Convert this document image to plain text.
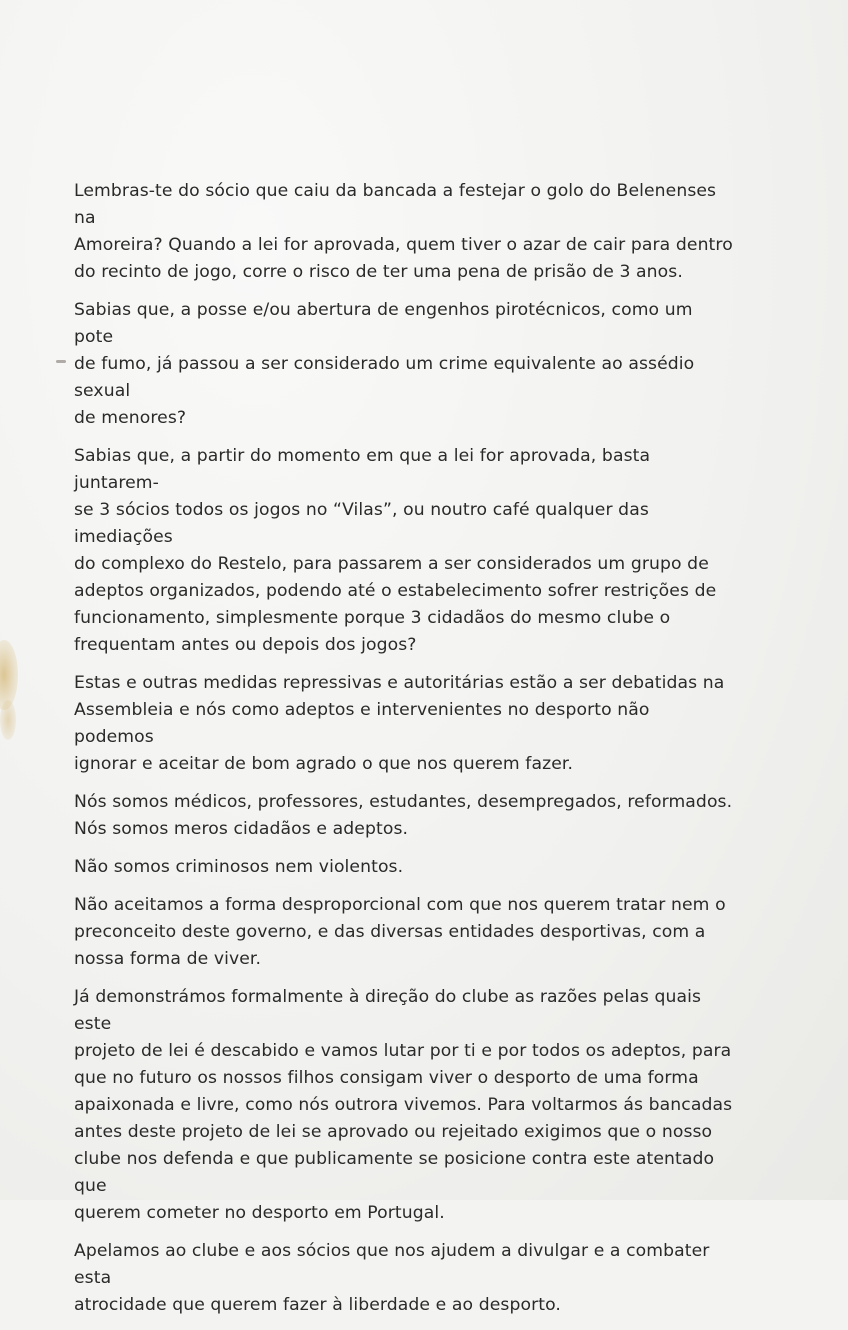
Lembras-te do sócio que caiu da bancada a festejar o golo do Belenenses na
Amoreira? Quando a lei for aprovada, quem tiver o azar de cair para dentro
do recinto de jogo, corre o risco de ter uma pena de prisão de 3 anos.

Sabias que, a posse e/ou abertura de engenhos pirotécnicos, como um pote
de fumo, já passou a ser considerado um crime equivalente ao assédio sexual
de menores?

Sabias que, a partir do momento em que a lei for aprovada, basta juntarem-
se 3 sócios todos os jogos no “Vilas”, ou noutro café qualquer das imediações
do complexo do Restelo, para passarem a ser considerados um grupo de
adeptos organizados, podendo até o estabelecimento sofrer restrições de
funcionamento, simplesmente porque 3 cidadãos do mesmo clube o
frequentam antes ou depois dos jogos?

Estas e outras medidas repressivas e autoritárias estão a ser debatidas na
Assembleia e nós como adeptos e intervenientes no desporto não podemos
ignorar e aceitar de bom agrado o que nos querem fazer.

Nós somos médicos, professores, estudantes, desempregados, reformados.
Nós somos meros cidadãos e adeptos.

Não somos criminosos nem violentos.

Não aceitamos a forma desproporcional com que nos querem tratar nem o
preconceito deste governo, e das diversas entidades desportivas, com a
nossa forma de viver.

Já demonstrámos formalmente à direção do clube as razões pelas quais este
projeto de lei é descabido e vamos lutar por ti e por todos os adeptos, para
que no futuro os nossos filhos consigam viver o desporto de uma forma
apaixonada e livre, como nós outrora vivemos. Para voltarmos ás bancadas
antes deste projeto de lei se aprovado ou rejeitado exigimos que o nosso
clube nos defenda e que publicamente se posicione contra este atentado que
querem cometer no desporto em Portugal.

Apelamos ao clube e aos sócios que nos ajudem a divulgar e a combater esta
atrocidade que querem fazer à liberdade e ao desporto.
